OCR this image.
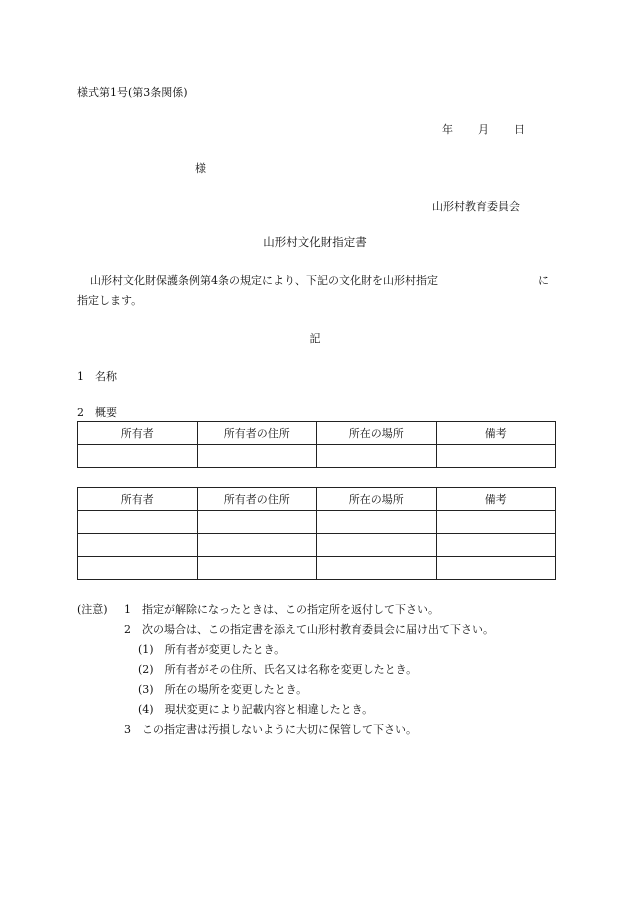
様式第1号(第3条関係)
年 月 日
様
山形村教育委員会
山形村文化財指定書
山形村文化財保護条例第4条の規定により、下記の文化財を山形村指定	に
指定します。
記
1　名称
2　概要
所有者	所有者の住所	所在の場所	備考

所有者	所有者の住所	所在の場所	備考

(注意) 1　指定が解除になったときは、この指定所を返付して下さい。
2　次の場合は、この指定書を添えて山形村教育委員会に届け出て下さい。
(1)　所有者が変更したとき。
(2)　所有者がその住所、氏名又は名称を変更したとき。
(3)　所在の場所を変更したとき。
(4)　現状変更により記載内容と相違したとき。
3　この指定書は汚損しないように大切に保管して下さい。
